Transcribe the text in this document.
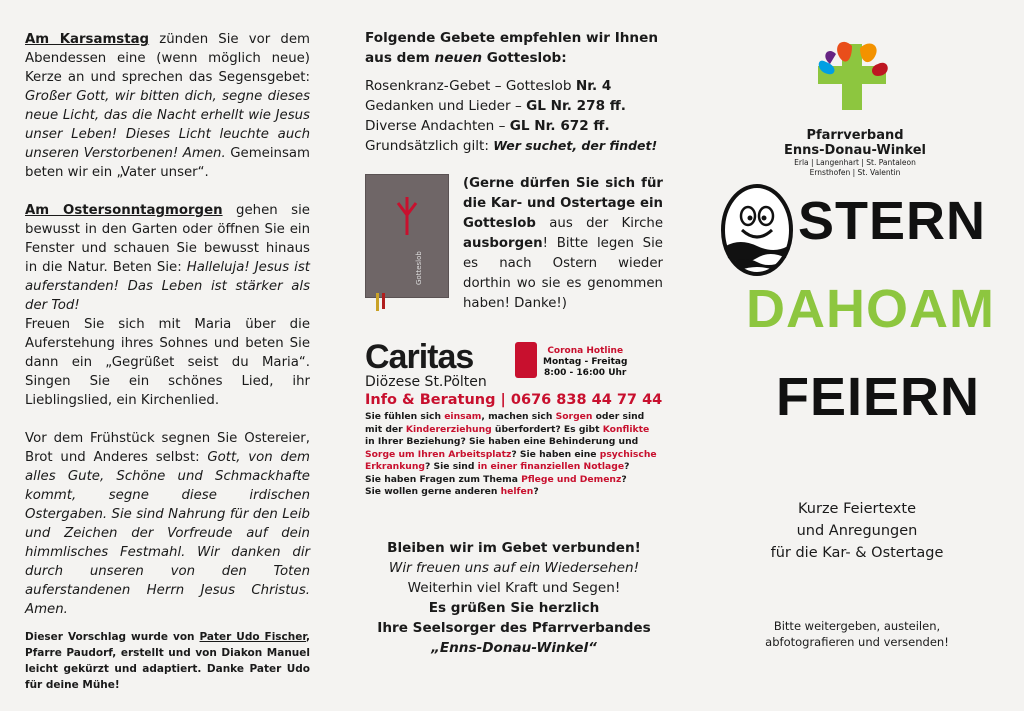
Am Karsamstag zünden Sie vor dem Abendessen eine (wenn möglich neue) Kerze an und sprechen das Segensgebet: Großer Gott, wir bitten dich, segne dieses neue Licht, das die Nacht erhellt wie Jesus unser Leben! Dieses Licht leuchte auch unseren Verstorbenen! Amen. Gemeinsam beten wir ein „Vater unser“.

Am Ostersonntagmorgen gehen sie bewusst in den Garten oder öffnen Sie ein Fenster und schauen Sie bewusst hinaus in die Natur. Beten Sie: Halleluja! Jesus ist auferstanden! Das Leben ist stärker als der Tod!

Freuen Sie sich mit Maria über die Auferstehung ihres Sohnes und beten Sie dann ein „Gegrüßet seist du Maria“. Singen Sie ein schönes Lied, ihr Lieblingslied, ein Kirchenlied.

Vor dem Frühstück segnen Sie Ostereier, Brot und Anderes selbst: Gott, von dem alles Gute, Schöne und Schmackhafte kommt, segne diese irdischen Ostergaben. Sie sind Nahrung für den Leib und Zeichen der Vorfreude auf dein himmlisches Festmahl. Wir danken dir durch unseren von den Toten auferstandenen Herrn Jesus Christus. Amen.

Dieser Vorschlag wurde von Pater Udo Fischer, Pfarre Paudorf, erstellt und von Diakon Manuel leicht gekürzt und adaptiert. Danke Pater Udo für deine Mühe!

Folgende Gebete empfehlen wir Ihnen aus dem neuen Gotteslob:

Rosenkranz-Gebet – Gotteslob Nr. 4
Gedanken und Lieder – GL Nr. 278 ff.
Diverse Andachten – GL Nr. 672 ff.
Grundsätzlich gilt: Wer suchet, der findet!
Gotteslob
(Gerne dürfen Sie sich für die Kar- und Ostertage ein Gotteslob aus der Kirche ausborgen! Bitte legen Sie es nach Ostern wieder dorthin wo sie es genommen haben! Danke!)
Caritas	Corona Hotline
Montag - Freitag
8:00 - 16:00 Uhr
Diözese St.Pölten
Info & Beratung | 0676 838 44 77 44
Sie fühlen sich einsam, machen sich Sorgen oder sind
mit der Kindererziehung überfordert? Es gibt Konflikte
in Ihrer Beziehung? Sie haben eine Behinderung und
Sorge um Ihren Arbeitsplatz? Sie haben eine psychische
Erkrankung? Sie sind in einer finanziellen Notlage?
Sie haben Fragen zum Thema Pflege und Demenz?
Sie wollen gerne anderen helfen?
Bleiben wir im Gebet verbunden!
Wir freuen uns auf ein Wiedersehen!
Weiterhin viel Kraft und Segen!
Es grüßen Sie herzlich
Ihre Seelsorger des Pfarrverbandes
„Enns-Donau-Winkel“
Pfarrverband
Enns-Donau-Winkel
Erla | Langenhart | St. Pantaleon
Ernsthofen | St. Valentin
STERN
DAHOAM
FEIERN
Kurze Feiertexte
und Anregungen
für die Kar- & Ostertage
Bitte weitergeben, austeilen,
abfotografieren und versenden!
